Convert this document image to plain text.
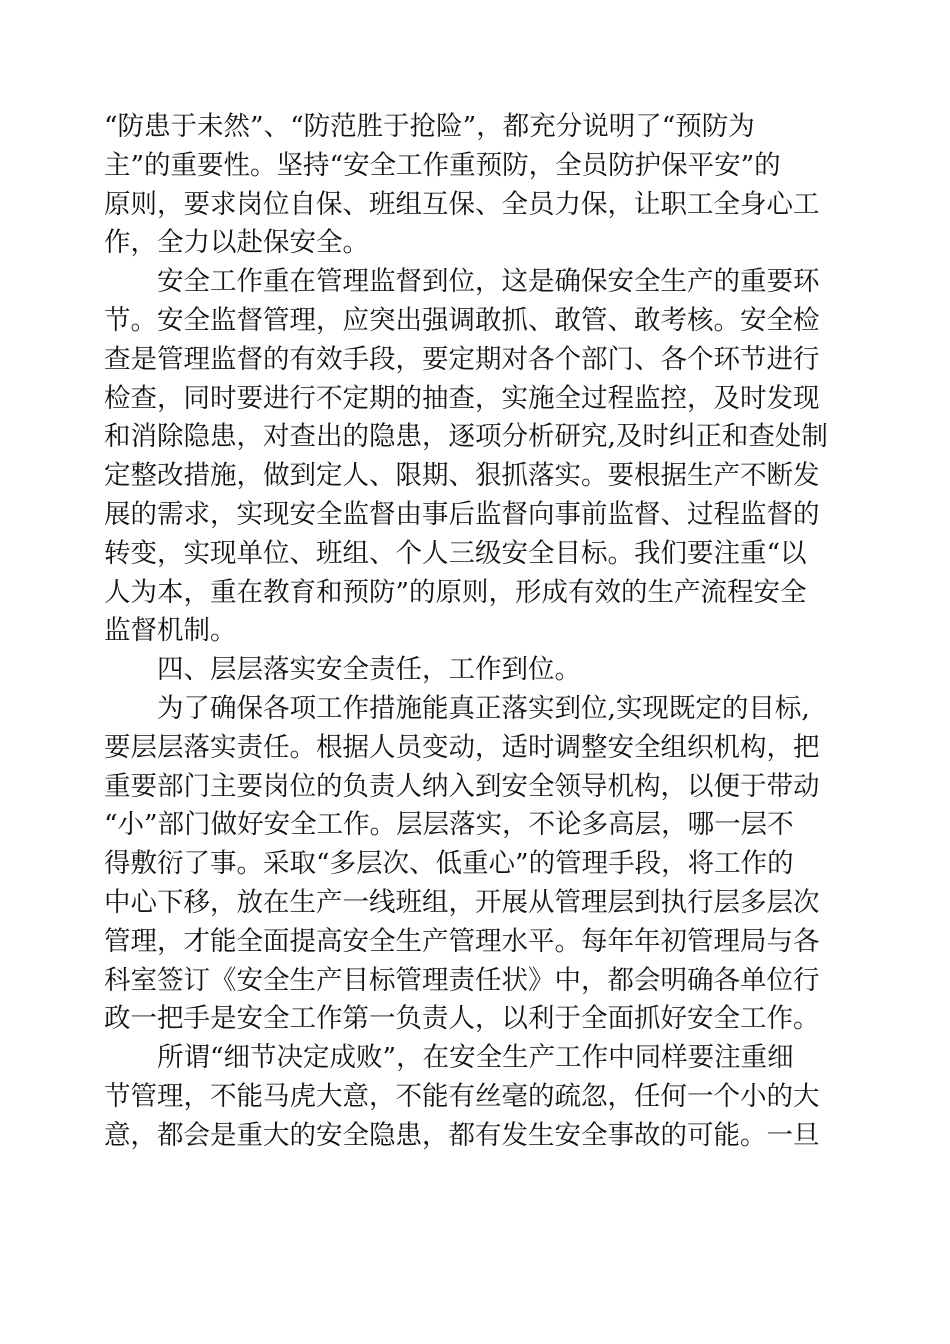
“防患于未然”、“防范胜于抢险”，都充分说明了“预防为
主”的重要性。坚持“安全工作重预防，全员防护保平安”的
原则，要求岗位自保、班组互保、全员力保，让职工全身心工
作，全力以赴保安全。
安全工作重在管理监督到位，这是确保安全生产的重要环
节。安全监督管理，应突出强调敢抓、敢管、敢考核。安全检
查是管理监督的有效手段，要定期对各个部门、各个环节进行
检查，同时要进行不定期的抽查，实施全过程监控，及时发现
和消除隐患，对查出的隐患，逐项分析研究,及时纠正和查处制
定整改措施，做到定人、限期、狠抓落实。要根据生产不断发
展的需求，实现安全监督由事后监督向事前监督、过程监督的
转变，实现单位、班组、个人三级安全目标。我们要注重“以
人为本，重在教育和预防”的原则，形成有效的生产流程安全
监督机制。
四、层层落实安全责任，工作到位。
为了确保各项工作措施能真正落实到位,实现既定的目标,
要层层落实责任。根据人员变动，适时调整安全组织机构，把
重要部门主要岗位的负责人纳入到安全领导机构，以便于带动
“小”部门做好安全工作。层层落实，不论多高层，哪一层不
得敷衍了事。采取“多层次、低重心”的管理手段，将工作的
中心下移，放在生产一线班组，开展从管理层到执行层多层次
管理，才能全面提高安全生产管理水平。每年年初管理局与各
科室签订《安全生产目标管理责任状》中，都会明确各单位行
政一把手是安全工作第一负责人，以利于全面抓好安全工作。
所谓“细节决定成败”，在安全生产工作中同样要注重细
节管理，不能马虎大意，不能有丝毫的疏忽，任何一个小的大
意，都会是重大的安全隐患，都有发生安全事故的可能。一旦
